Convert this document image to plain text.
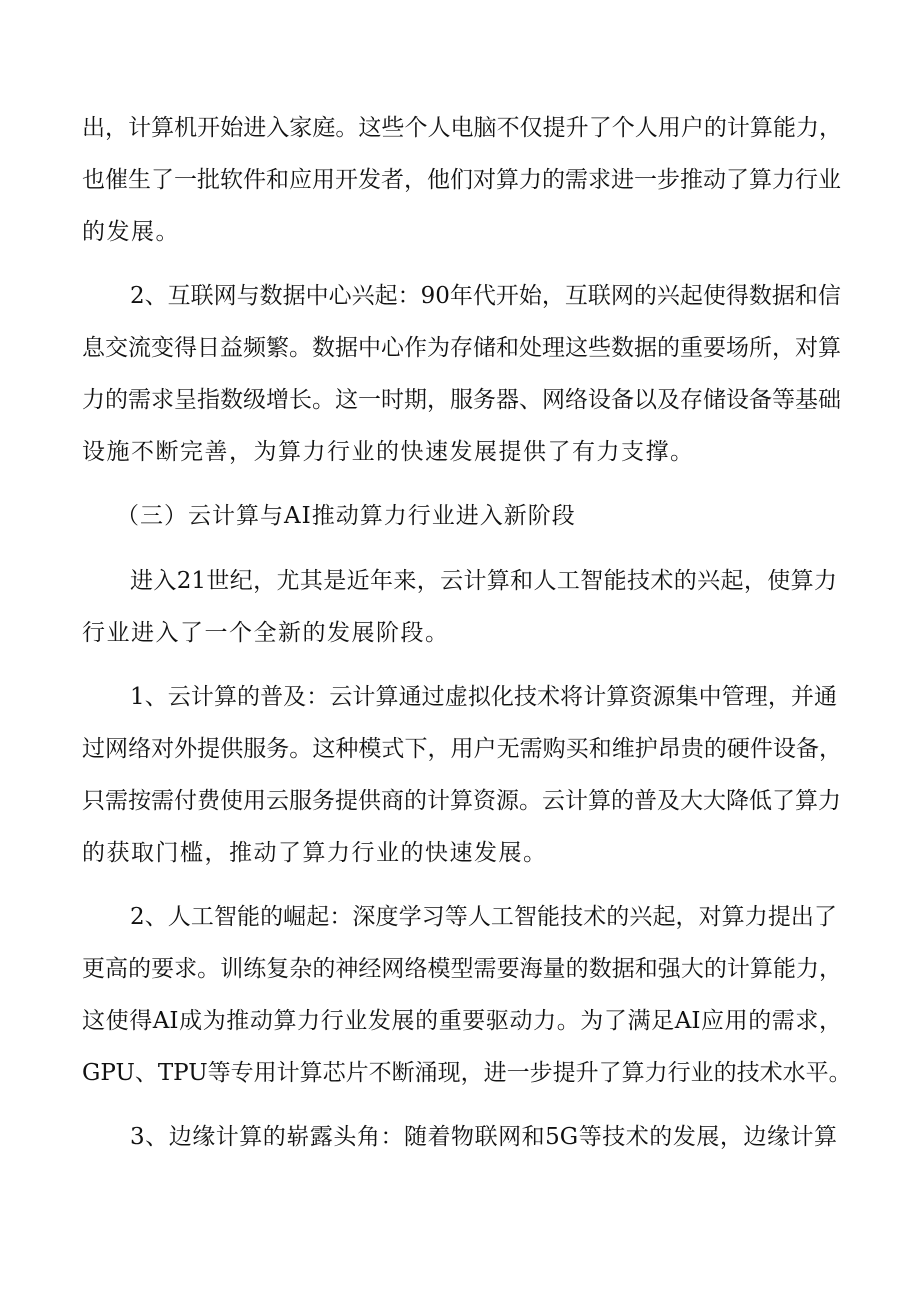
出，计算机开始进入家庭。这些个人电脑不仅提升了个人用户的计算能力，
也催生了一批软件和应用开发者，他们对算力的需求进一步推动了算力行业
的发展。
2、互联网与数据中心兴起：90年代开始，互联网的兴起使得数据和信
息交流变得日益频繁。数据中心作为存储和处理这些数据的重要场所，对算
力的需求呈指数级增长。这一时期，服务器、网络设备以及存储设备等基础
设施不断完善，为算力行业的快速发展提供了有力支撑。
（三）云计算与AI推动算力行业进入新阶段
进入21世纪，尤其是近年来，云计算和人工智能技术的兴起，使算力
行业进入了一个全新的发展阶段。
1、云计算的普及：云计算通过虚拟化技术将计算资源集中管理，并通
过网络对外提供服务。这种模式下，用户无需购买和维护昂贵的硬件设备，
只需按需付费使用云服务提供商的计算资源。云计算的普及大大降低了算力
的获取门槛，推动了算力行业的快速发展。
2、人工智能的崛起：深度学习等人工智能技术的兴起，对算力提出了
更高的要求。训练复杂的神经网络模型需要海量的数据和强大的计算能力，
这使得AI成为推动算力行业发展的重要驱动力。为了满足AI应用的需求，
GPU、TPU等专用计算芯片不断涌现，进一步提升了算力行业的技术水平。
3、边缘计算的崭露头角：随着物联网和5G等技术的发展，边缘计算
